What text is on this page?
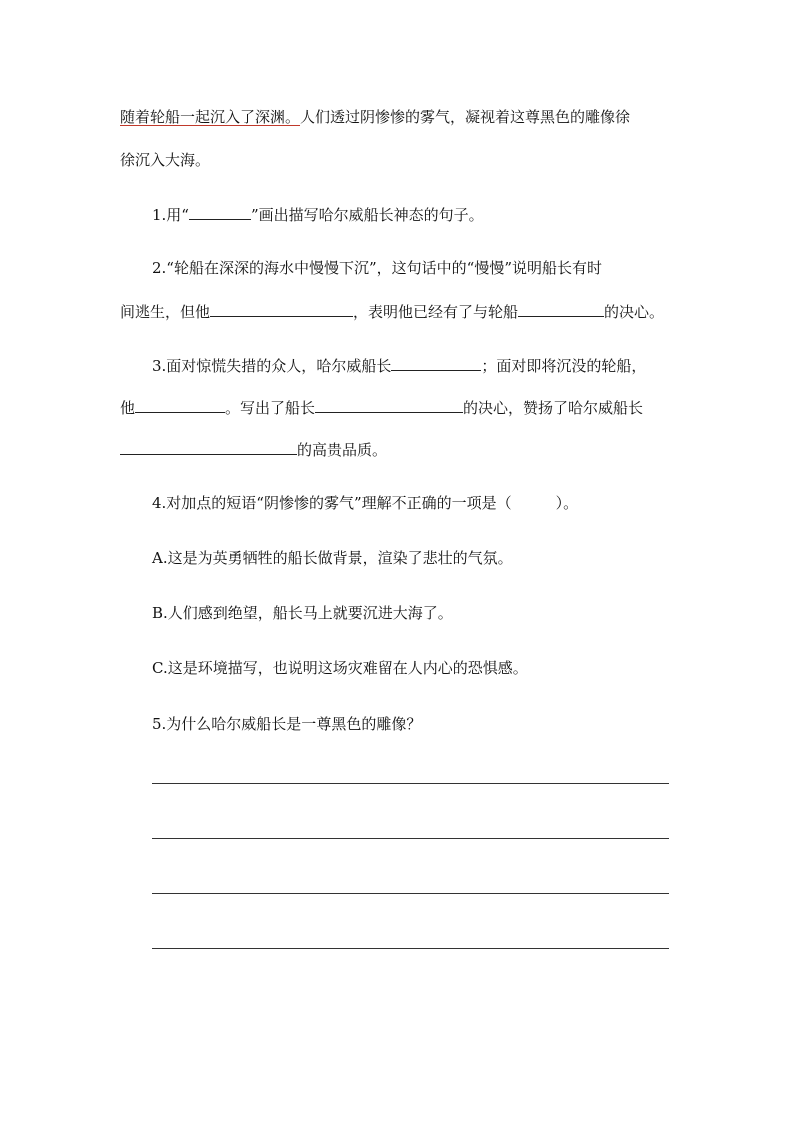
随着轮船一起沉入了深渊。人们透过阴惨惨的雾气，凝视着这尊黑色的雕像徐
徐沉入大海。
1.用“	”画出描写哈尔威船长神态的句子。
2.“轮船在深深的海水中慢慢下沉”，这句话中的“慢慢”说明船长有时
间逃生，但他	，表明他已经有了与轮船	的决心。
3.面对惊慌失措的众人，哈尔威船长	；面对即将沉没的轮船，
他	。写出了船长	的决心，赞扬了哈尔威船长
的高贵品质。
4.对加点的短语“阴惨惨的雾气”理解不正确的一项是（	）。
A.这是为英勇牺牲的船长做背景，渲染了悲壮的气氛。
B.人们感到绝望，船长马上就要沉进大海了。
C.这是环境描写，也说明这场灾难留在人内心的恐惧感。
5.为什么哈尔威船长是一尊黑色的雕像？
